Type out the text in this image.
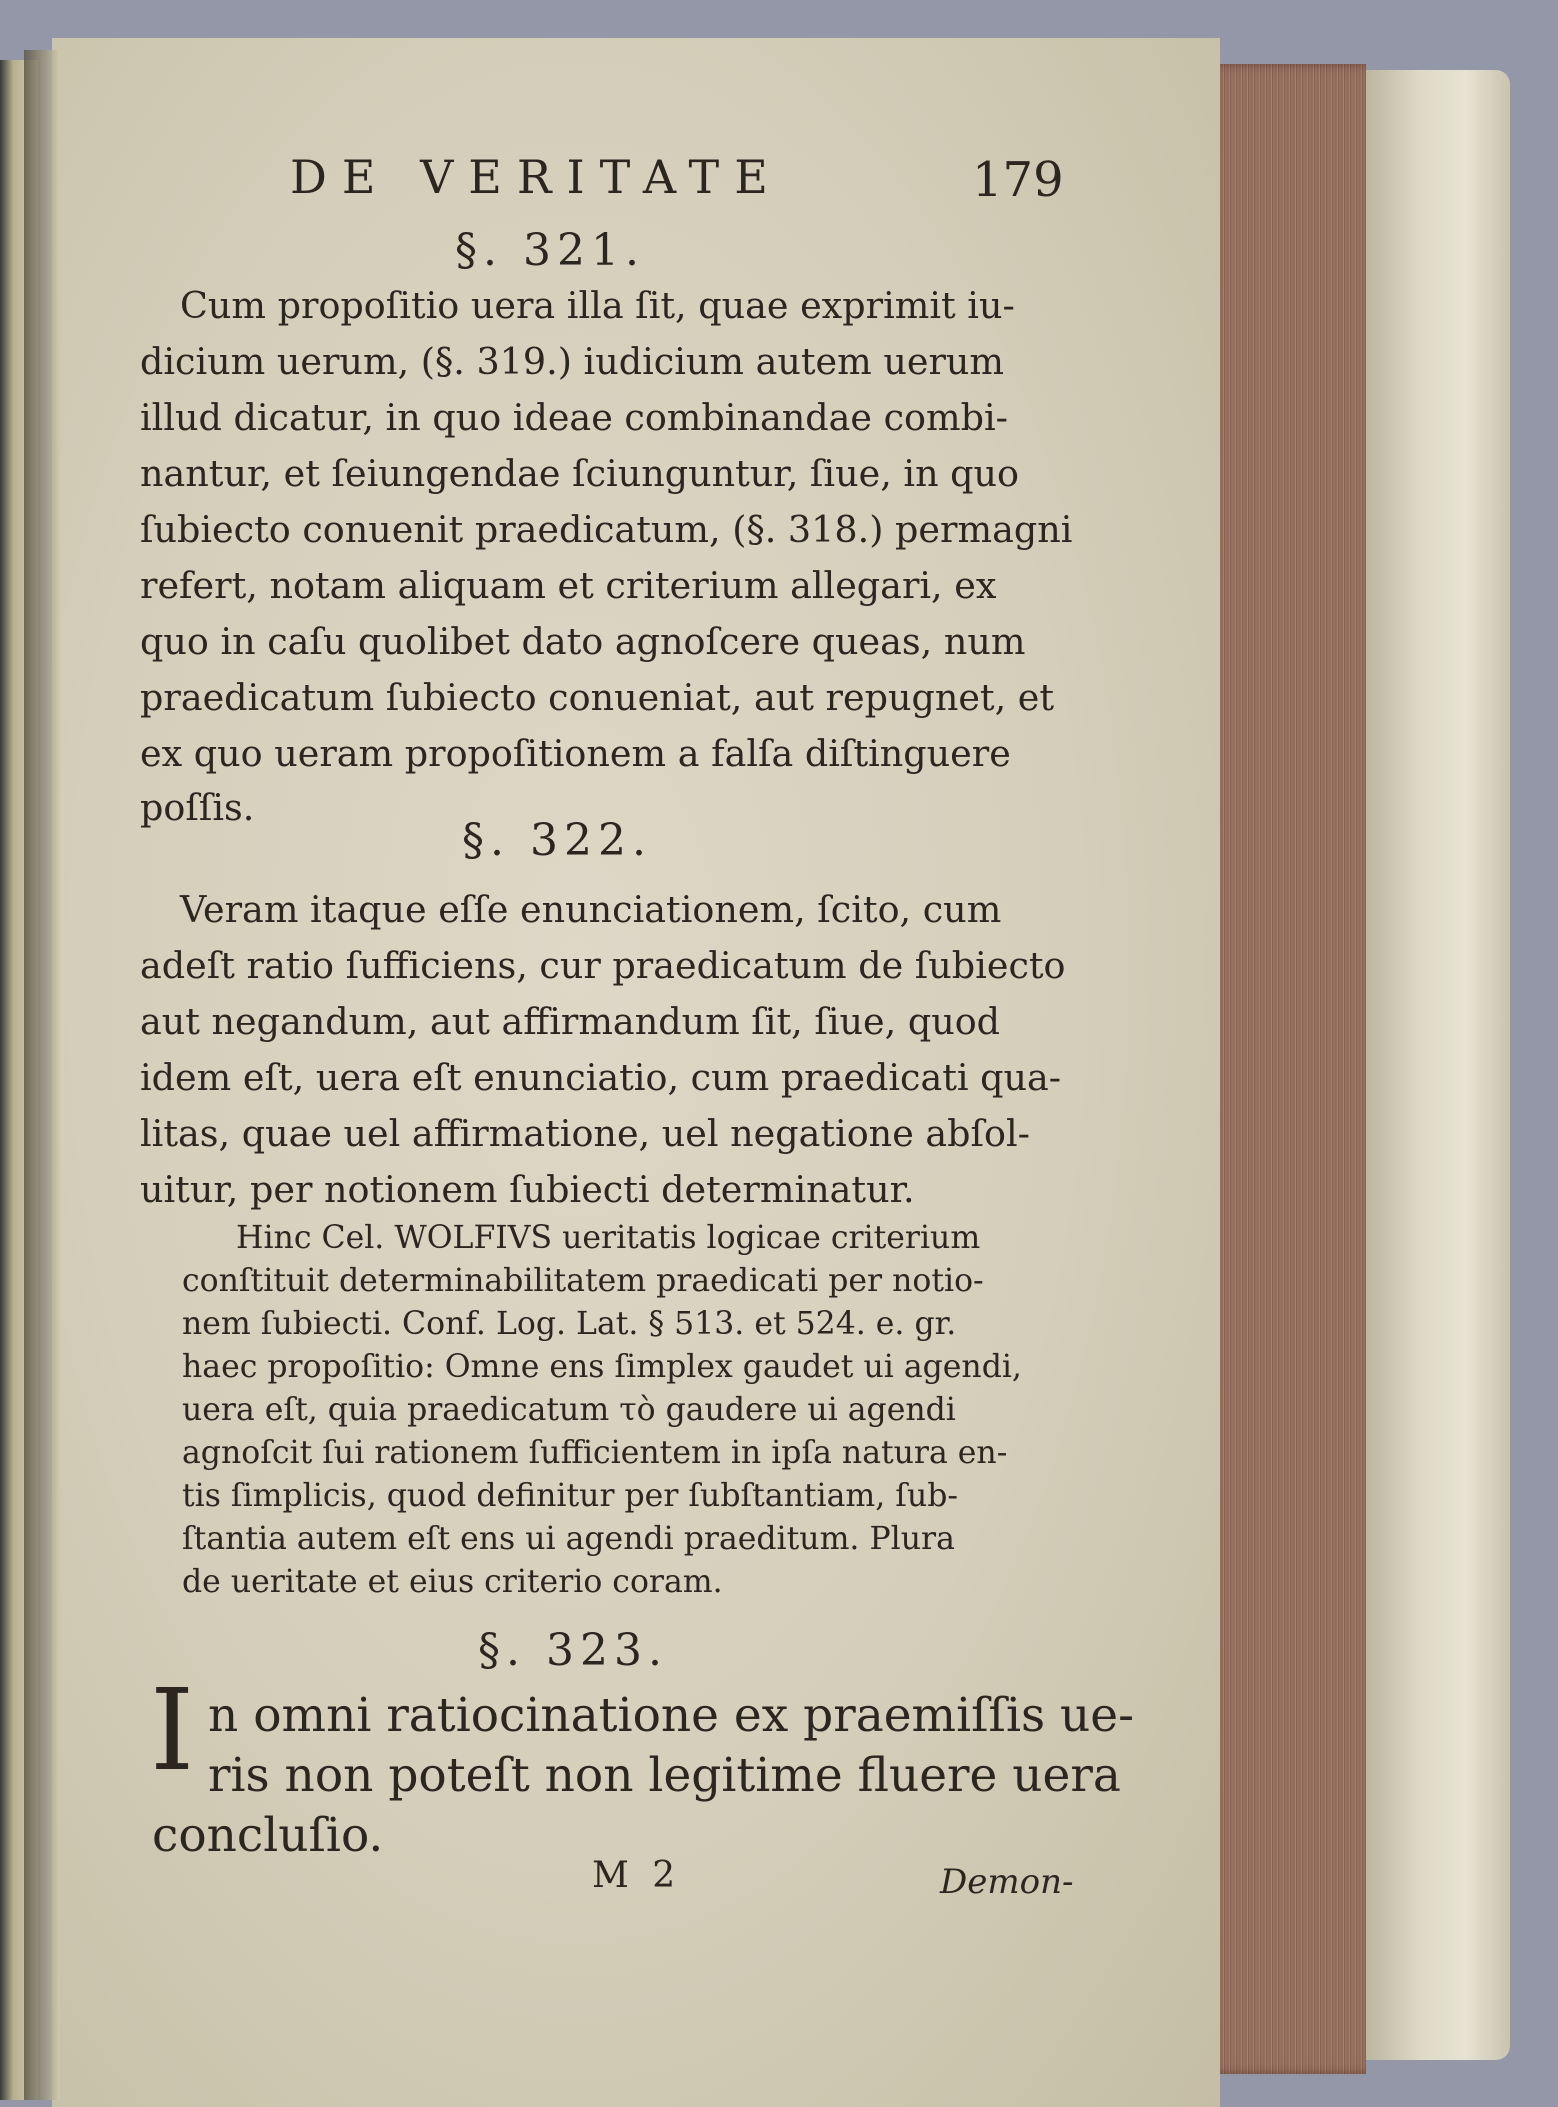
DE VERITATE	179
§. 321.
Cum propoſitio uera illa ſit, quae exprimit iu-
dicium uerum, (§. 319.) iudicium autem uerum
illud dicatur, in quo ideae combinandae combi-
nantur, et ſeiungendae ſciunguntur, ſiue, in quo
ſubiecto conuenit praedicatum, (§. 318.) permagni
refert, notam aliquam et criterium allegari, ex
quo in caſu quolibet dato agnoſcere queas, num
praedicatum ſubiecto conueniat, aut repugnet, et
ex quo ueram propoſitionem a falſa diſtinguere
poſſis.
§. 322.
Veram itaque eſſe enunciationem, ſcito, cum
adeſt ratio ſufficiens, cur praedicatum de ſubiecto
aut negandum, aut affirmandum ſit, ſiue, quod
idem eſt, uera eſt enunciatio, cum praedicati qua-
litas, quae uel affirmatione, uel negatione abſol-
uitur, per notionem ſubiecti determinatur.
Hinc Cel. WOLFIVS ueritatis logicae criterium
conſtituit determinabilitatem praedicati per notio-
nem ſubiecti. Conf. Log. Lat. § 513. et 524. e. gr.
haec propoſitio: Omne ens ſimplex gaudet ui agendi,
uera eſt, quia praedicatum τὸ gaudere ui agendi
agnoſcit ſui rationem ſufficientem in ipſa natura en-
tis ſimplicis, quod definitur per ſubſtantiam, ſub-
ſtantia autem eſt ens ui agendi praeditum. Plura
de ueritate et eius criterio coram.
§. 323.
I n omni ratiocinatione ex praemiſſis ue-
ris non poteſt non legitime fluere uera
concluſio.
M 2	Demon-
